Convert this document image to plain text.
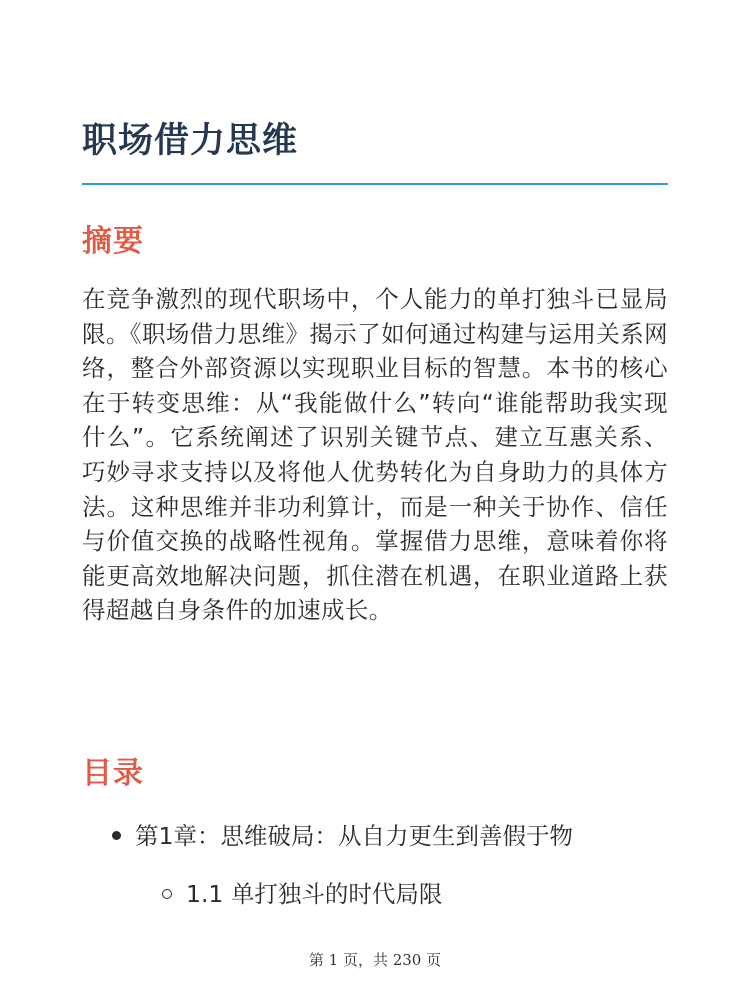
职场借力思维
摘要

在竞争激烈的现代职场中，个人能力的单打独斗已显局限。《职场借力思维》揭示了如何通过构建与运用关系网络，整合外部资源以实现职业目标的智慧。本书的核心在于转变思维：从“我能做什么”转向“谁能帮助我实现什么”。它系统阐述了识别关键节点、建立互惠关系、巧妙寻求支持以及将他人优势转化为自身助力的具体方法。这种思维并非功利算计，而是一种关于协作、信任与价值交换的战略性视角。掌握借力思维，意味着你将能更高效地解决问题，抓住潜在机遇，在职业道路上获得超越自身条件的加速成长。

目录
第1章：思维破局：从自力更生到善假于物
1.1 单打独斗的时代局限
第 1 页，共 230 页
